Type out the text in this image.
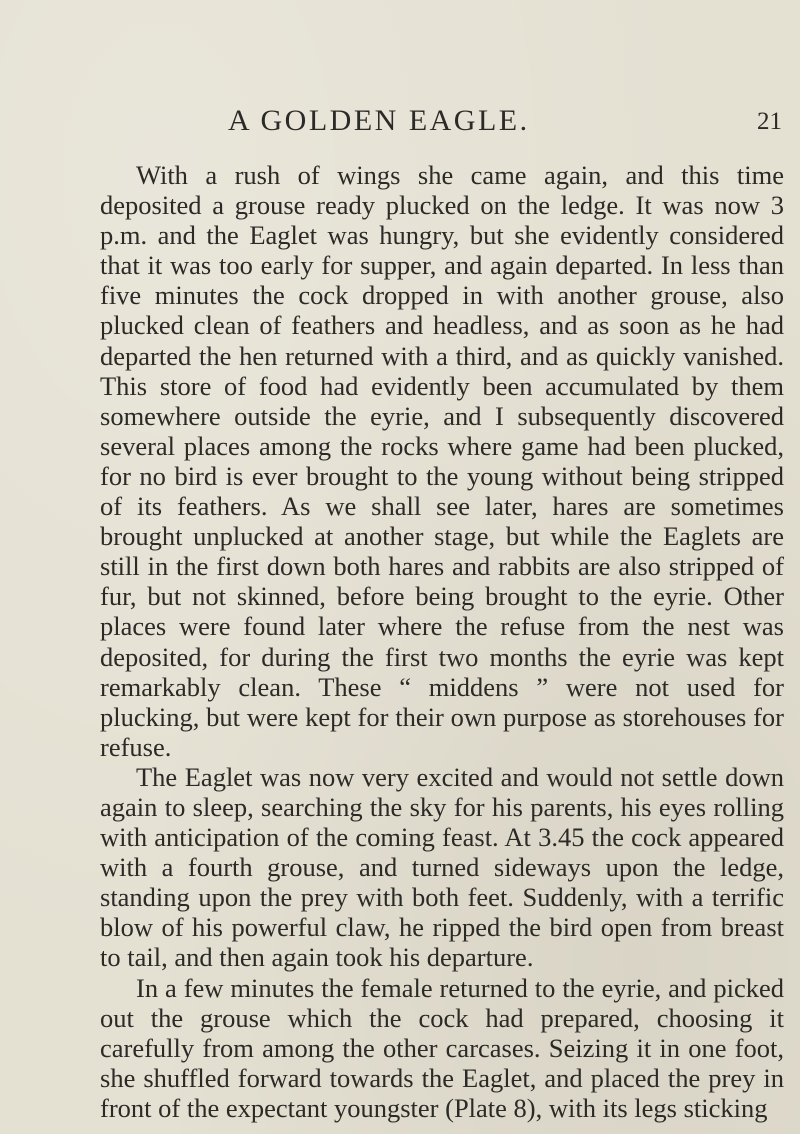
A GOLDEN EAGLE.	21

With a rush of wings she came again, and this time deposited a grouse ready plucked on the ledge. It was now 3 p.m. and the Eaglet was hungry, but she evidently considered that it was too early for supper, and again departed. In less than five minutes the cock dropped in with another grouse, also plucked clean of feathers and headless, and as soon as he had departed the hen returned with a third, and as quickly vanished. This store of food had evidently been accumulated by them somewhere outside the eyrie, and I subsequently discovered several places among the rocks where game had been plucked, for no bird is ever brought to the young without being stripped of its feathers. As we shall see later, hares are sometimes brought unplucked at another stage, but while the Eaglets are still in the first down both hares and rabbits are also stripped of fur, but not skinned, before being brought to the eyrie. Other places were found later where the refuse from the nest was deposited, for during the first two months the eyrie was kept remarkably clean. These “ middens ” were not used for plucking, but were kept for their own purpose as storehouses for refuse.

The Eaglet was now very excited and would not settle down again to sleep, searching the sky for his parents, his eyes rolling with anticipation of the coming feast. At 3.45 the cock appeared with a fourth grouse, and turned sideways upon the ledge, standing upon the prey with both feet. Suddenly, with a terrific blow of his powerful claw, he ripped the bird open from breast to tail, and then again took his departure.

In a few minutes the female returned to the eyrie, and picked out the grouse which the cock had prepared, choosing it carefully from among the other carcases. Seizing it in one foot, she shuffled forward towards the Eaglet, and placed the prey in front of the expectant youngster (Plate 8), with its legs sticking
